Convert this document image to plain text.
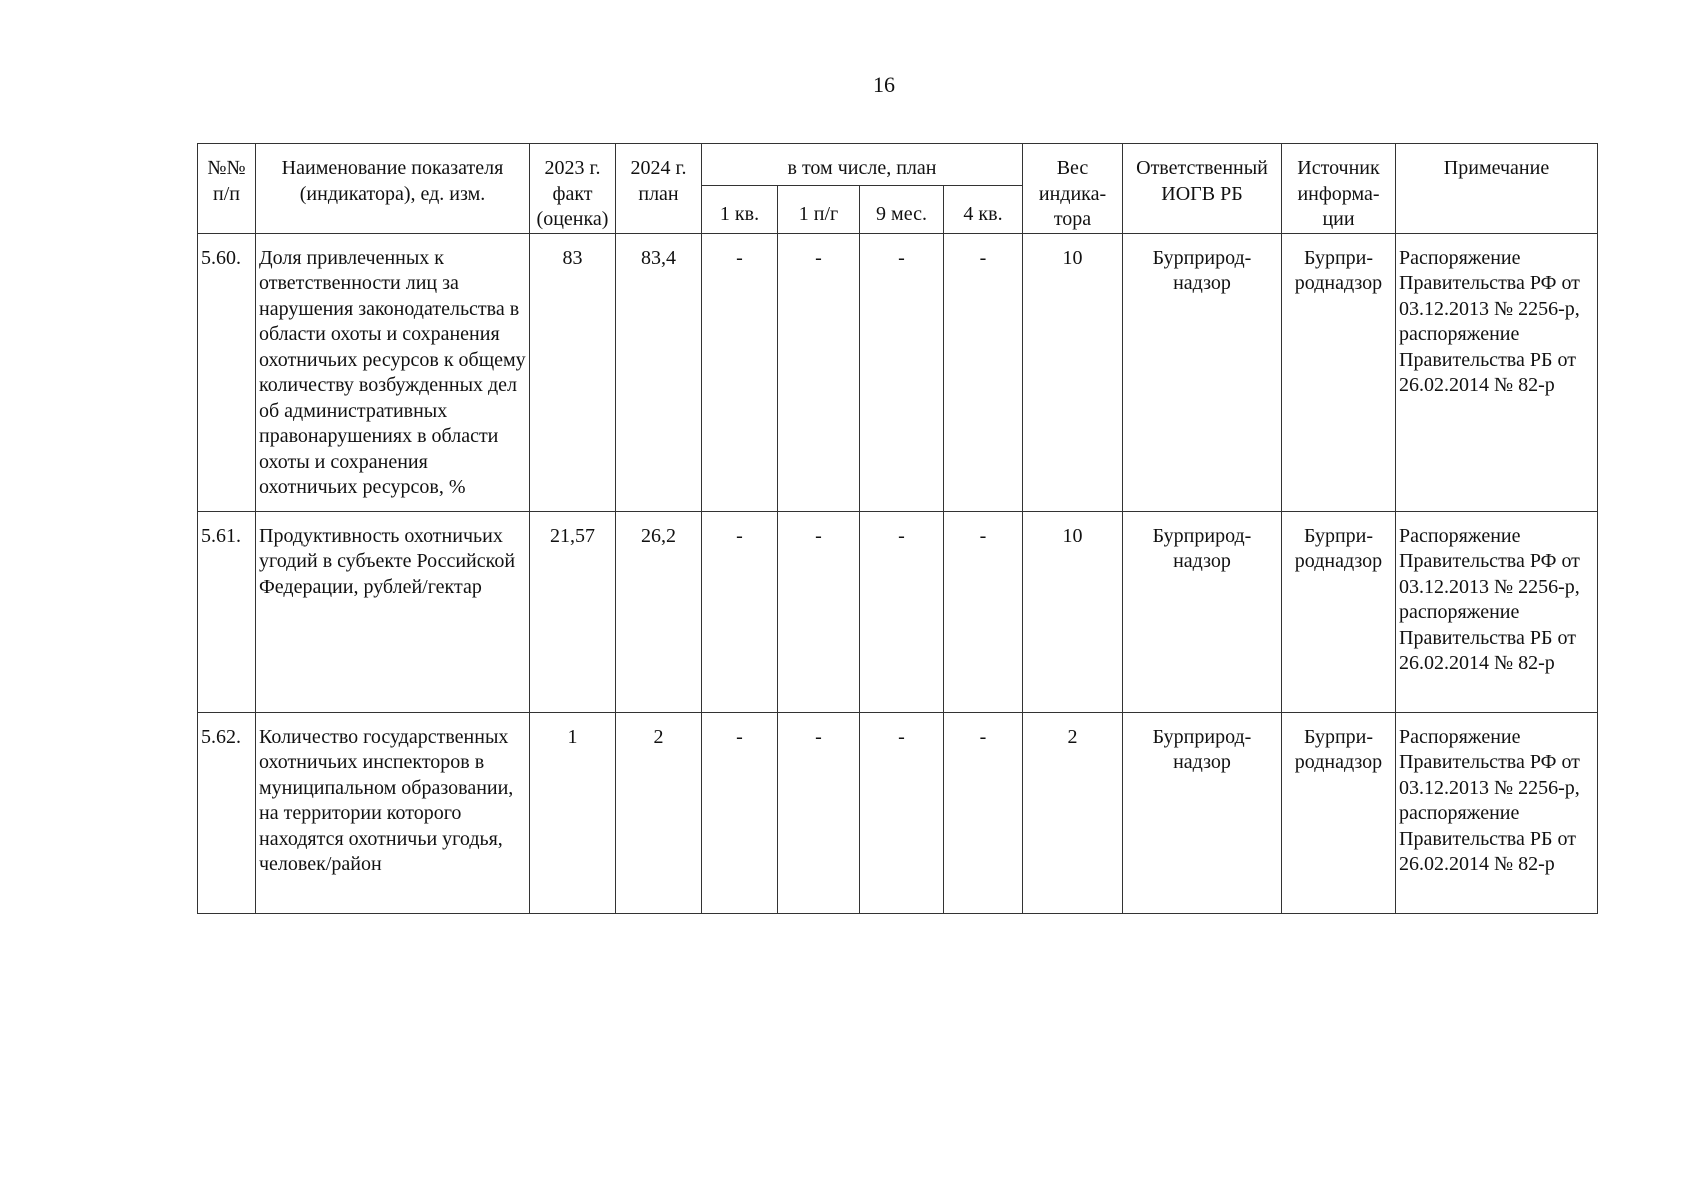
16
№№ п/п	Наименование показателя (индикатора), ед. изм.	2023 г. факт (оценка)	2024 г. план	в том числе, план				Вес индика-тора	Ответственный ИОГВ РБ	Источник информа-ции	Примечание
				1 кв.	1 п/г	9 мес.	4 кв.				
5.60.	Доля привлеченных к ответственности лиц за нарушения законодательства в области охоты и сохранения охотничьих ресурсов к общему количеству возбужденных дел об административных правонарушениях в области охоты и сохранения охотничьих ресурсов, %	83	83,4	-	-	-	-	10	Бурприрод-надзор	Бурпри-роднадзор	Распоряжение Правительства РФ от 03.12.2013 № 2256-р, распоряжение Правительства РБ от 26.02.2014 № 82-р
5.61.	Продуктивность охотничьих угодий в субъекте Российской Федерации, рублей/гектар	21,57	26,2	-	-	-	-	10	Бурприрод-надзор	Бурпри-роднадзор	Распоряжение Правительства РФ от 03.12.2013 № 2256-р, распоряжение Правительства РБ от 26.02.2014 № 82-р
5.62.	Количество государственных охотничьих инспекторов в муниципальном образовании, на территории которого находятся охотничьи угодья, человек/район	1	2	-	-	-	-	2	Бурприрод-надзор	Бурпри-роднадзор	Распоряжение Правительства РФ от 03.12.2013 № 2256-р, распоряжение Правительства РБ от 26.02.2014 № 82-р
